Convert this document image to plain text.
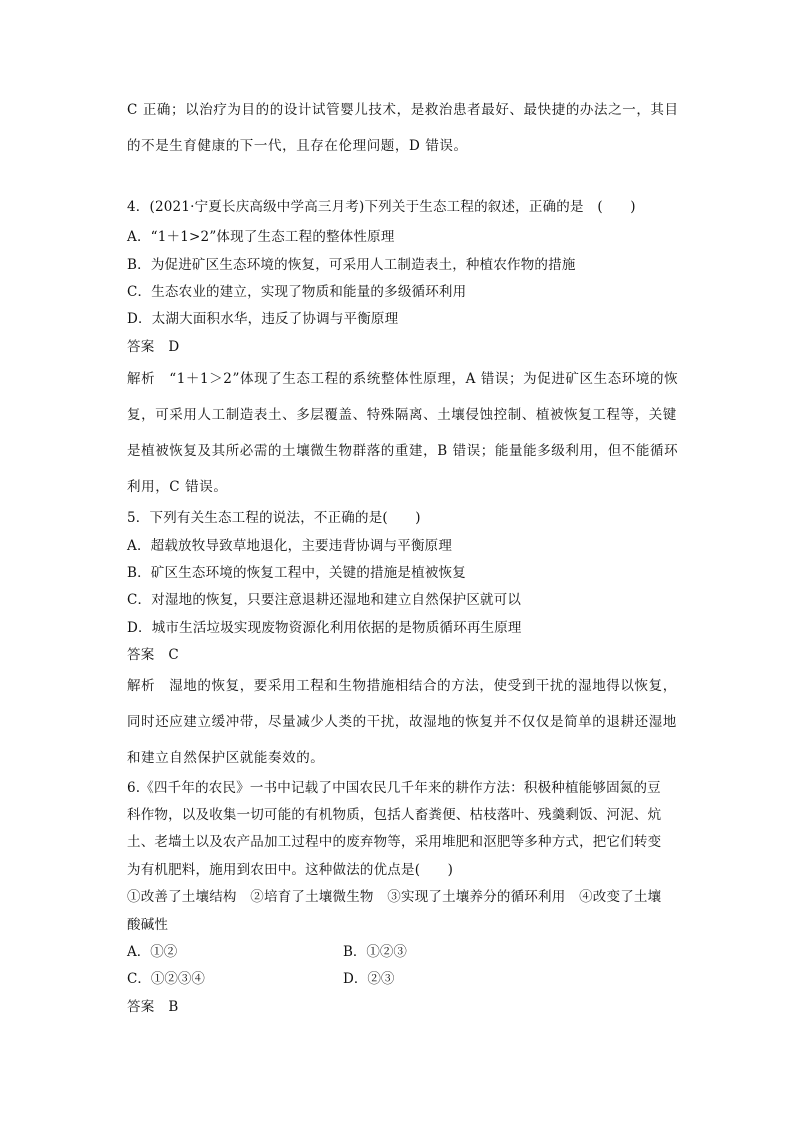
C 正确；以治疗为目的的设计试管婴儿技术，是救治患者最好、最快捷的办法之一，其目
的不是生育健康的下一代，且存在伦理问题，D 错误。
4．(2021·宁夏长庆高级中学高三月考)下列关于生态工程的叙述，正确的是　(　　)
A．“1＋1>2”体现了生态工程的整体性原理
B．为促进矿区生态环境的恢复，可采用人工制造表土，种植农作物的措施
C．生态农业的建立，实现了物质和能量的多级循环利用
D．太湖大面积水华，违反了协调与平衡原理
答案 D
解析 “1＋1＞2”体现了生态工程的系统整体性原理，A 错误；为促进矿区生态环境的恢
复，可采用人工制造表土、多层覆盖、特殊隔离、土壤侵蚀控制、植被恢复工程等，关键
是植被恢复及其所必需的土壤微生物群落的重建，B 错误；能量能多级利用，但不能循环
利用，C 错误。
5．下列有关生态工程的说法，不正确的是(　　)
A．超载放牧导致草地退化，主要违背协调与平衡原理
B．矿区生态环境的恢复工程中，关键的措施是植被恢复
C．对湿地的恢复，只要注意退耕还湿地和建立自然保护区就可以
D．城市生活垃圾实现废物资源化利用依据的是物质循环再生原理
答案 C
解析 湿地的恢复，要采用工程和生物措施相结合的方法，使受到干扰的湿地得以恢复，
同时还应建立缓冲带，尽量减少人类的干扰，故湿地的恢复并不仅仅是简单的退耕还湿地
和建立自然保护区就能奏效的。
6.《四千年的农民》一书中记载了中国农民几千年来的耕作方法：积极种植能够固氮的豆
科作物，以及收集一切可能的有机物质，包括人畜粪便、枯枝落叶、残羹剩饭、河泥、炕
土、老墙土以及农产品加工过程中的废弃物等，采用堆肥和沤肥等多种方式，把它们转变
为有机肥料，施用到农田中。这种做法的优点是(　　)
①改善了土壤结构　②培育了土壤微生物　③实现了土壤养分的循环利用　④改变了土壤
酸碱性
A．①②	B．①②③
C．①②③④	D．②③
答案 B
